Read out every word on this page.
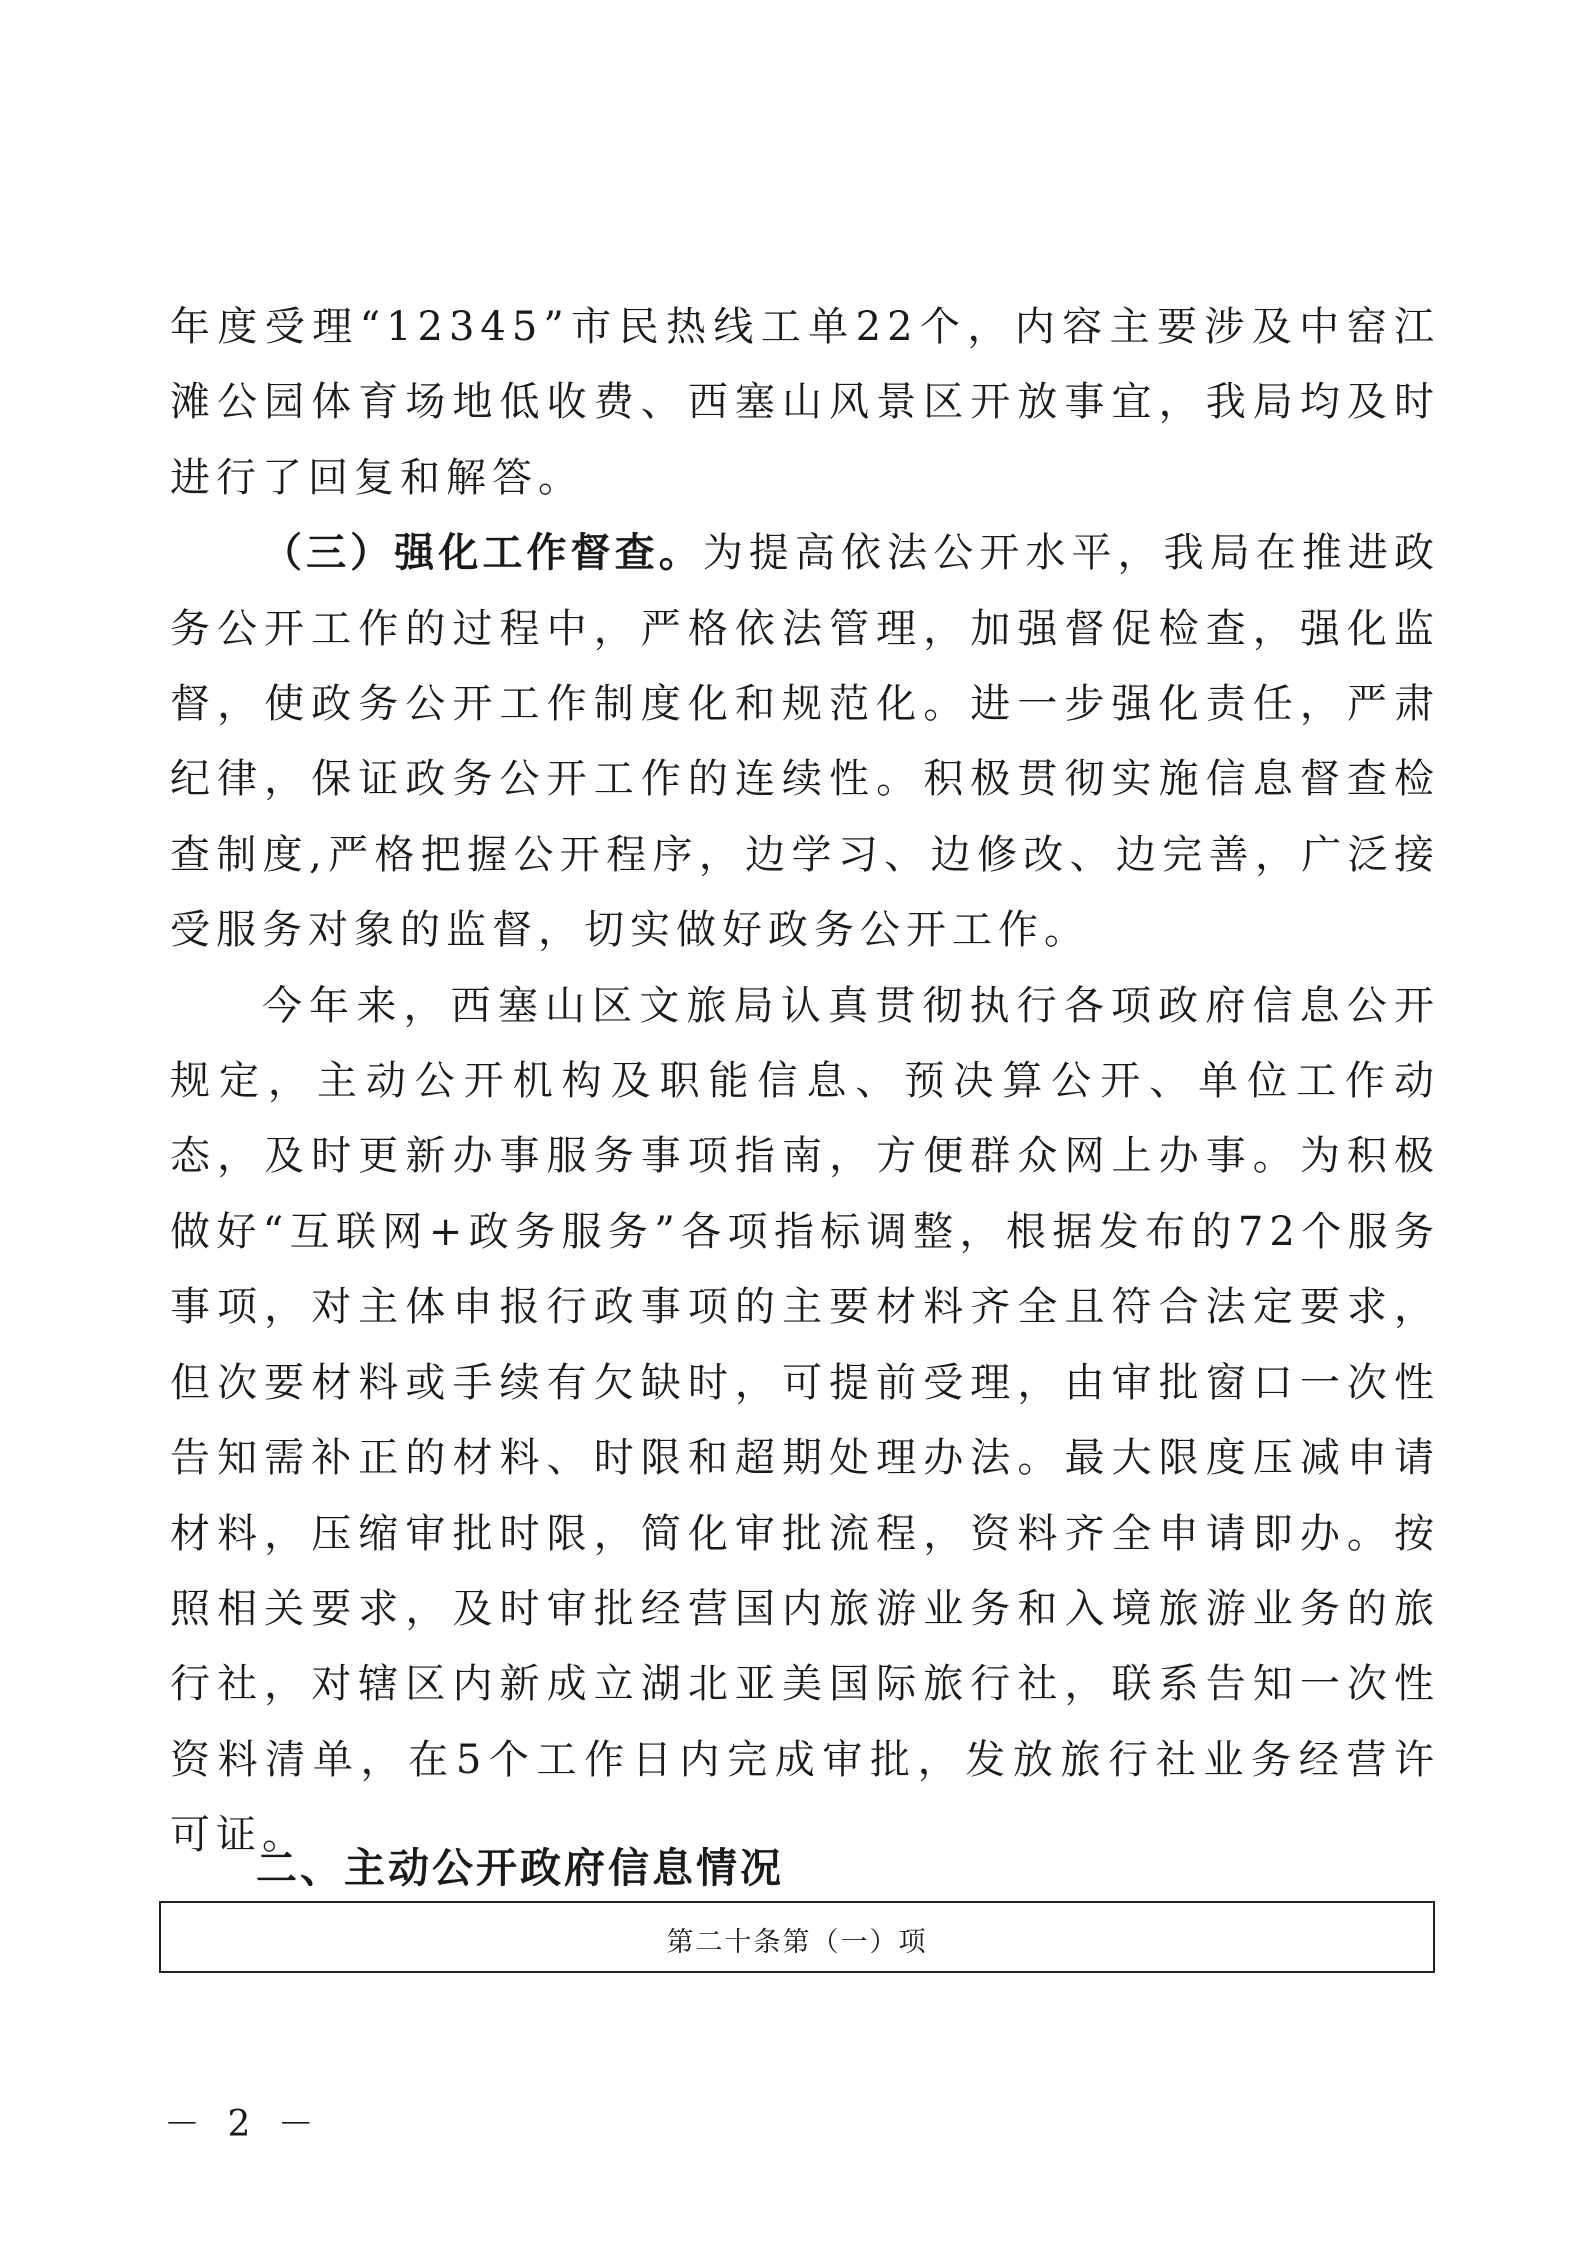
年度受理“12345”市民热线工单22个，内容主要涉及中窑江滩公园体育场地低收费、西塞山风景区开放事宜，我局均及时进行了回复和解答。

（三）强化工作督查。为提高依法公开水平，我局在推进政务公开工作的过程中，严格依法管理，加强督促检查，强化监督，使政务公开工作制度化和规范化。进一步强化责任，严肃纪律，保证政务公开工作的连续性。积极贯彻实施信息督查检查制度,严格把握公开程序，边学习、边修改、边完善，广泛接受服务对象的监督，切实做好政务公开工作。

今年来，西塞山区文旅局认真贯彻执行各项政府信息公开规定，主动公开机构及职能信息、预决算公开、单位工作动态，及时更新办事服务事项指南，方便群众网上办事。为积极做好“互联网+政务服务”各项指标调整，根据发布的72个服务事项，对主体申报行政事项的主要材料齐全且符合法定要求，但次要材料或手续有欠缺时，可提前受理，由审批窗口一次性告知需补正的材料、时限和超期处理办法。最大限度压减申请材料，压缩审批时限，简化审批流程，资料齐全申请即办。按照相关要求，及时审批经营国内旅游业务和入境旅游业务的旅行社，对辖区内新成立湖北亚美国际旅行社，联系告知一次性资料清单，在5个工作日内完成审批，发放旅行社业务经营许可证。

二、主动公开政府信息情况
第二十条第（一）项
－ 2 －
